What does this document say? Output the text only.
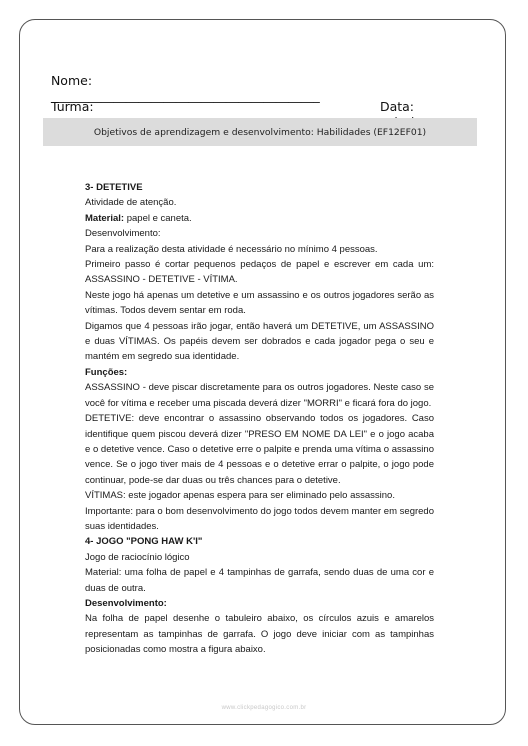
Nome:
___________________________________________

Turma:
	Data:

Objetivos de aprendizagem e desenvolvimento: Habilidades (EF12EF01)

3- DETETIVE

Atividade de atenção.

Material: papel e caneta.

Desenvolvimento:

Para a realização desta atividade é necessário no mínimo 4 pessoas.

Primeiro passo é cortar pequenos pedaços de papel e escrever em cada um: ASSASSINO - DETETIVE - VÍTIMA.

Neste jogo há apenas um detetive e um assassino e os outros jogadores serão as vítimas. Todos devem sentar em roda.

Digamos que 4 pessoas irão jogar, então haverá um DETETIVE, um ASSASSINO e duas VÍTIMAS. Os papéis devem ser dobrados e cada jogador pega o seu e mantém em segredo sua identidade.

Funções:

ASSASSINO - deve piscar discretamente para os outros jogadores. Neste caso se você for vítima e receber uma piscada deverá dizer "MORRI" e ficará fora do jogo.

DETETIVE: deve encontrar o assassino observando todos os jogadores. Caso identifique quem piscou deverá dizer "PRESO EM NOME DA LEI" e o jogo acaba e o detetive vence. Caso o detetive erre o palpite e prenda uma vítima o assassino vence. Se o jogo tiver mais de 4 pessoas e o detetive errar o palpite, o jogo pode continuar, pode-se dar duas ou três chances para o detetive.

VÍTIMAS: este jogador apenas espera para ser eliminado pelo assassino.

Importante: para o bom desenvolvimento do jogo todos devem manter em segredo suas identidades.

4- JOGO "PONG HAW K'I"

Jogo de raciocínio lógico

Material: uma folha de papel e 4 tampinhas de garrafa, sendo duas de uma cor e duas de outra.

Desenvolvimento:

Na folha de papel desenhe o tabuleiro abaixo, os círculos azuis e amarelos representam as tampinhas de garrafa. O jogo deve iniciar com as tampinhas posicionadas como mostra a figura abaixo.

www.clickpedagogico.com.br
